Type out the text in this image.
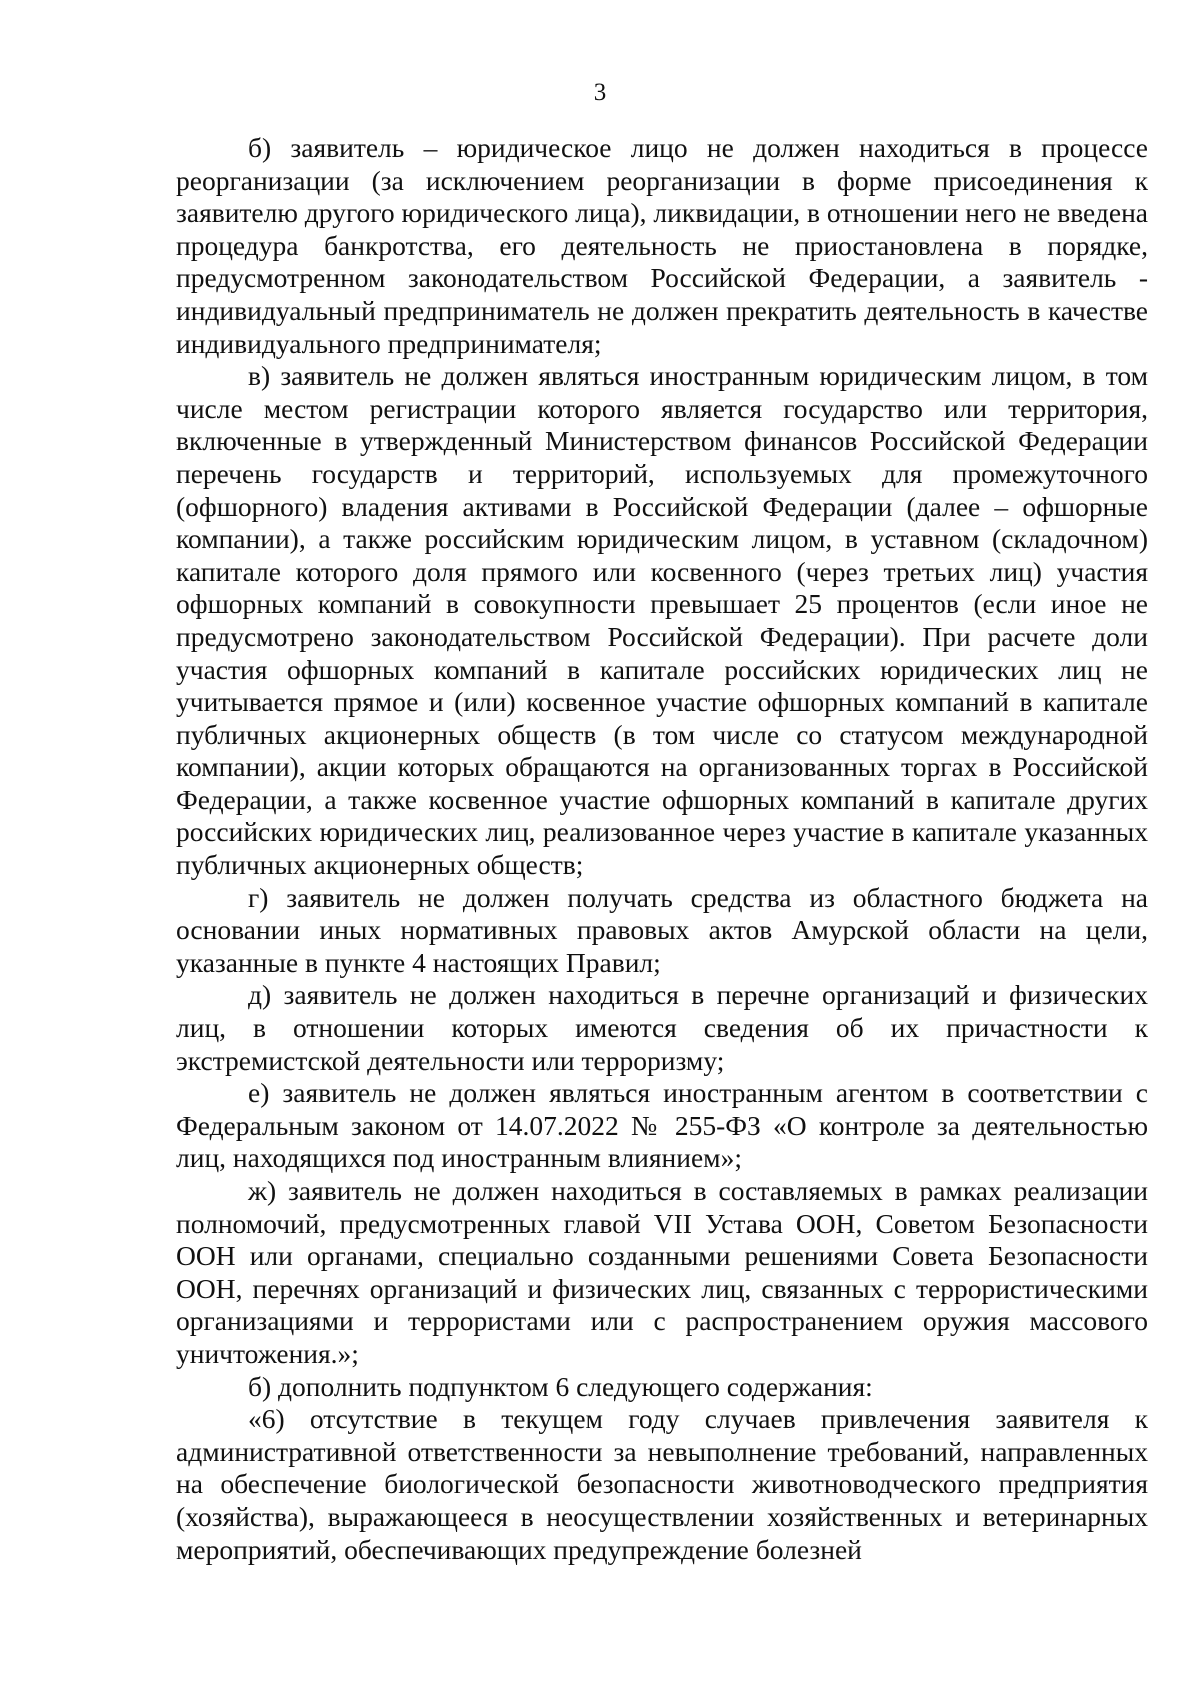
3

б) заявитель – юридическое лицо не должен находиться в процессе реорганизации (за исключением реорганизации в форме присоединения к заявителю другого юридического лица), ликвидации, в отношении него не введена процедура банкротства, его деятельность не приостановлена в порядке, предусмотренном законодательством Российской Федерации, а заявитель - индивидуальный предприниматель не должен прекратить деятельность в качестве индивидуального предпринимателя;

в) заявитель не должен являться иностранным юридическим лицом, в том числе местом регистрации которого является государство или территория, включенные в утвержденный Министерством финансов Российской Федерации перечень государств и территорий, используемых для промежуточного (офшорного) владения активами в Российской Федерации (далее – офшорные компании), а также российским юридическим лицом, в уставном (складочном) капитале которого доля прямого или косвенного (через третьих лиц) участия офшорных компаний в совокупности превышает 25 процентов (если иное не предусмотрено законодательством Российской Федерации). При расчете доли участия офшорных компаний в капитале российских юридических лиц не учитывается прямое и (или) косвенное участие офшорных компаний в капитале публичных акционерных обществ (в том числе со статусом международной компании), акции которых обращаются на организованных торгах в Российской Федерации, а также косвенное участие офшорных компаний в капитале других российских юридических лиц, реализованное через участие в капитале указанных публичных акционерных обществ;

г) заявитель не должен получать средства из областного бюджета на основании иных нормативных правовых актов Амурской области на цели, указанные в пункте 4 настоящих Правил;

д) заявитель не должен находиться в перечне организаций и физических лиц, в отношении которых имеются сведения об их причастности к экстремистской деятельности или терроризму;

е) заявитель не должен являться иностранным агентом в соответствии с Федеральным законом от 14.07.2022 № 255-ФЗ «О контроле за деятельностью лиц, находящихся под иностранным влиянием»;

ж) заявитель не должен находиться в составляемых в рамках реализации полномочий, предусмотренных главой VII Устава ООН, Советом Безопасности ООН или органами, специально созданными решениями Совета Безопасности ООН, перечнях организаций и физических лиц, связанных с террористическими организациями и террористами или с распространением оружия массового уничтожения.»;

б) дополнить подпунктом 6 следующего содержания:

«6) отсутствие в текущем году случаев привлечения заявителя к административной ответственности за невыполнение требований, направленных на обеспечение биологической безопасности животноводческого предприятия (хозяйства), выражающееся в неосуществлении хозяйственных и ветеринарных мероприятий, обеспечивающих предупреждение болезней
